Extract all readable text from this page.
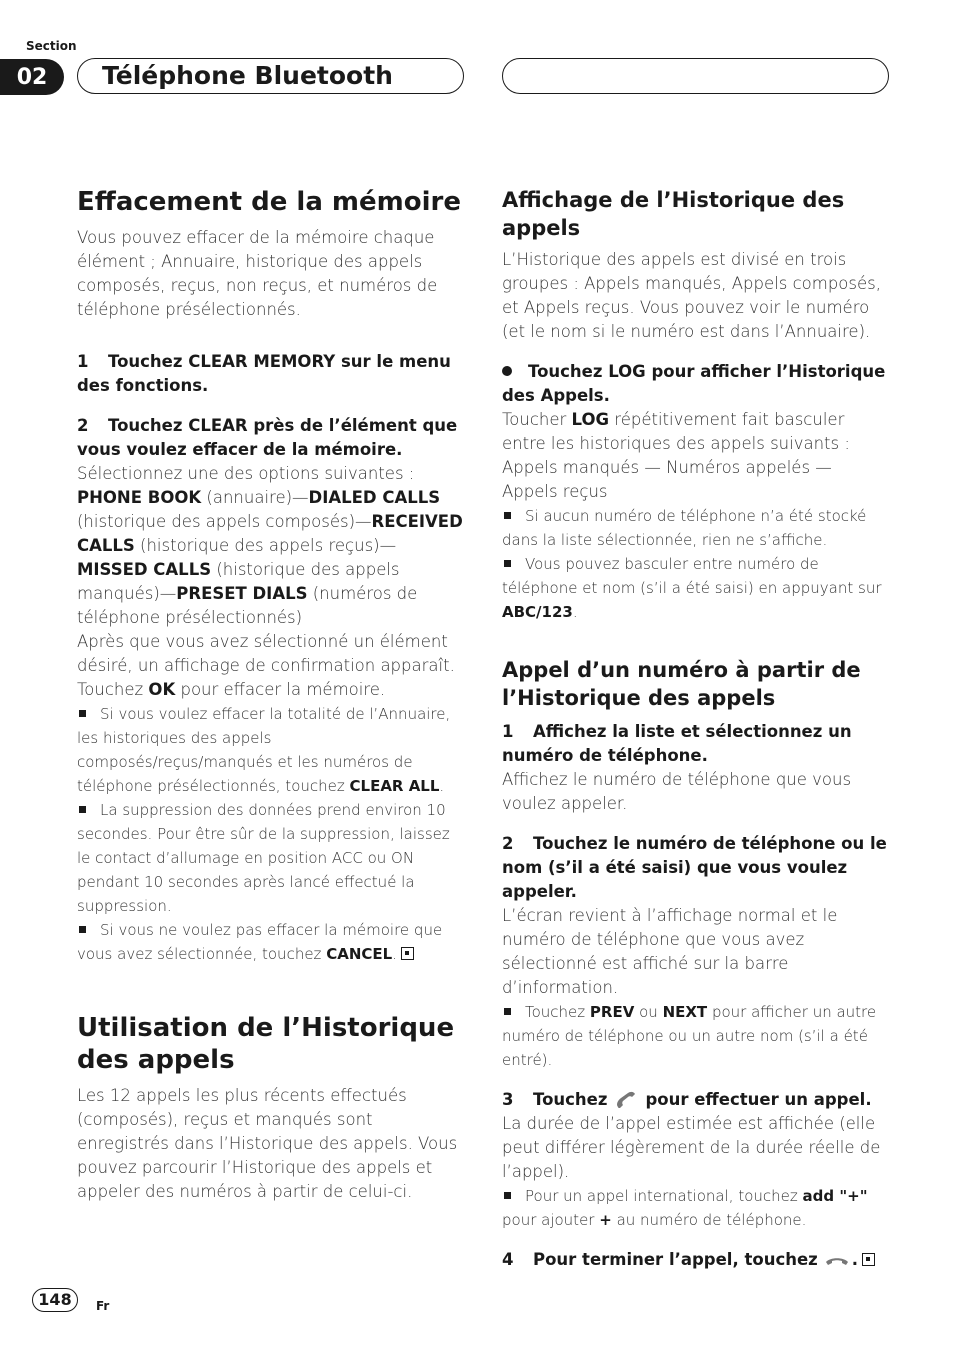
Section
02	Téléphone Bluetooth
Effacement de la mémoire

Vous pouvez effacer de la mémoire chaque élément ; Annuaire, historique des appels composés, reçus, non reçus, et numéros de téléphone présélectionnés.

1 Touchez CLEAR MEMORY sur le menu des fonctions.
2 Touchez CLEAR près de l’élément que vous voulez effacer de la mémoire.

Sélectionnez une des options suivantes :

PHONE BOOK (annuaire)—DIALED CALLS (historique des appels composés)—RECEIVED CALLS (historique des appels reçus)—MISSED CALLS (historique des appels manqués)—PRESET DIALS (numéros de téléphone présélectionnés)

Après que vous avez sélectionné un élément désiré, un affichage de confirmation apparaît. Touchez OK pour effacer la mémoire.

Si vous voulez effacer la totalité de l’Annuaire, les historiques des appels composés/reçus/manqués et les numéros de téléphone présélectionnés, touchez CLEAR ALL.

La suppression des données prend environ 10 secondes. Pour être sûr de la suppression, laissez le contact d’allumage en position ACC ou ON pendant 10 secondes après lancé effectué la suppression.

Si vous ne voulez pas effacer la mémoire que vous avez sélectionnée, touchez CANCEL.

Utilisation de l’Historique des appels

Les 12 appels les plus récents effectués (composés), reçus et manqués sont enregistrés dans l’Historique des appels. Vous pouvez parcourir l’Historique des appels et appeler des numéros à partir de celui-ci.

Affichage de l’Historique des appels

L’Historique des appels est divisé en trois groupes : Appels manqués, Appels composés, et Appels reçus. Vous pouvez voir le numéro (et le nom si le numéro est dans l’Annuaire).

Touchez LOG pour afficher l’Historique des Appels.

Toucher LOG répétitivement fait basculer entre les historiques des appels suivants : Appels manqués — Numéros appelés — Appels reçus

Si aucun numéro de téléphone n’a été stocké dans la liste sélectionnée, rien ne s’affiche.

Vous pouvez basculer entre numéro de téléphone et nom (s’il a été saisi) en appuyant sur ABC/123.

Appel d’un numéro à partir de l’Historique des appels
1 Affichez la liste et sélectionnez un numéro de téléphone.

Affichez le numéro de téléphone que vous voulez appeler.

2 Touchez le numéro de téléphone ou le nom (s’il a été saisi) que vous voulez appeler.

L’écran revient à l’affichage normal et le numéro de téléphone que vous avez sélectionné est affiché sur la barre d’information.

Touchez PREV ou NEXT pour afficher un autre numéro de téléphone ou un autre nom (s’il a été entré).

3 Touchez pour effectuer un appel.

La durée de l’appel estimée est affichée (elle peut différer légèrement de la durée réelle de l’appel).

Pour un appel international, touchez add "+" pour ajouter + au numéro de téléphone.

4 Pour terminer l’appel, touchez .
148	Fr
